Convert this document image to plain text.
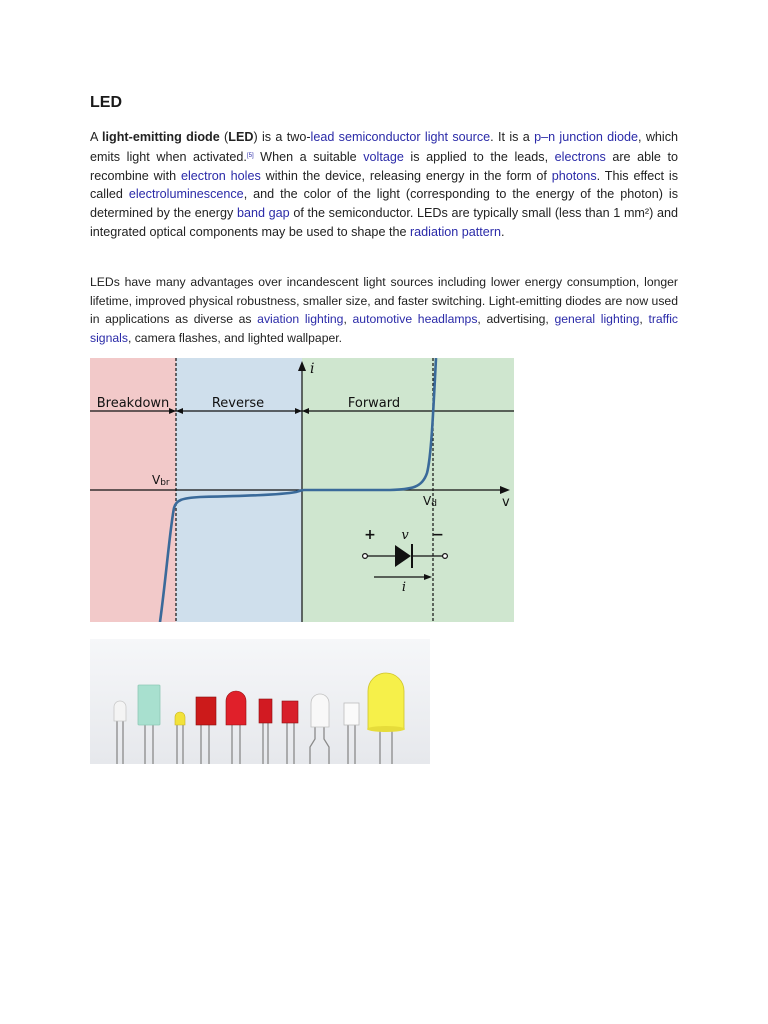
LED

A light-emitting diode (LED) is a two-lead semiconductor light source. It is a p–n junction diode, which emits light when activated.[5] When a suitable voltage is applied to the leads, electrons are able to recombine with electron holes within the device, releasing energy in the form of photons. This effect is called electroluminescence, and the color of the light (corresponding to the energy of the photon) is determined by the energy band gap of the semiconductor. LEDs are typically small (less than 1 mm²) and integrated optical components may be used to shape the radiation pattern.

LEDs have many advantages over incandescent light sources including lower energy consumption, longer lifetime, improved physical robustness, smaller size, and faster switching. Light-emitting diodes are now used in applications as diverse as aviation lighting, automotive headlamps, advertising, general lighting, traffic signals, camera flashes, and lighted wallpaper.

Breakdown	Reverse	Forward
i
v
Vbr
Vd
+ v −
i
